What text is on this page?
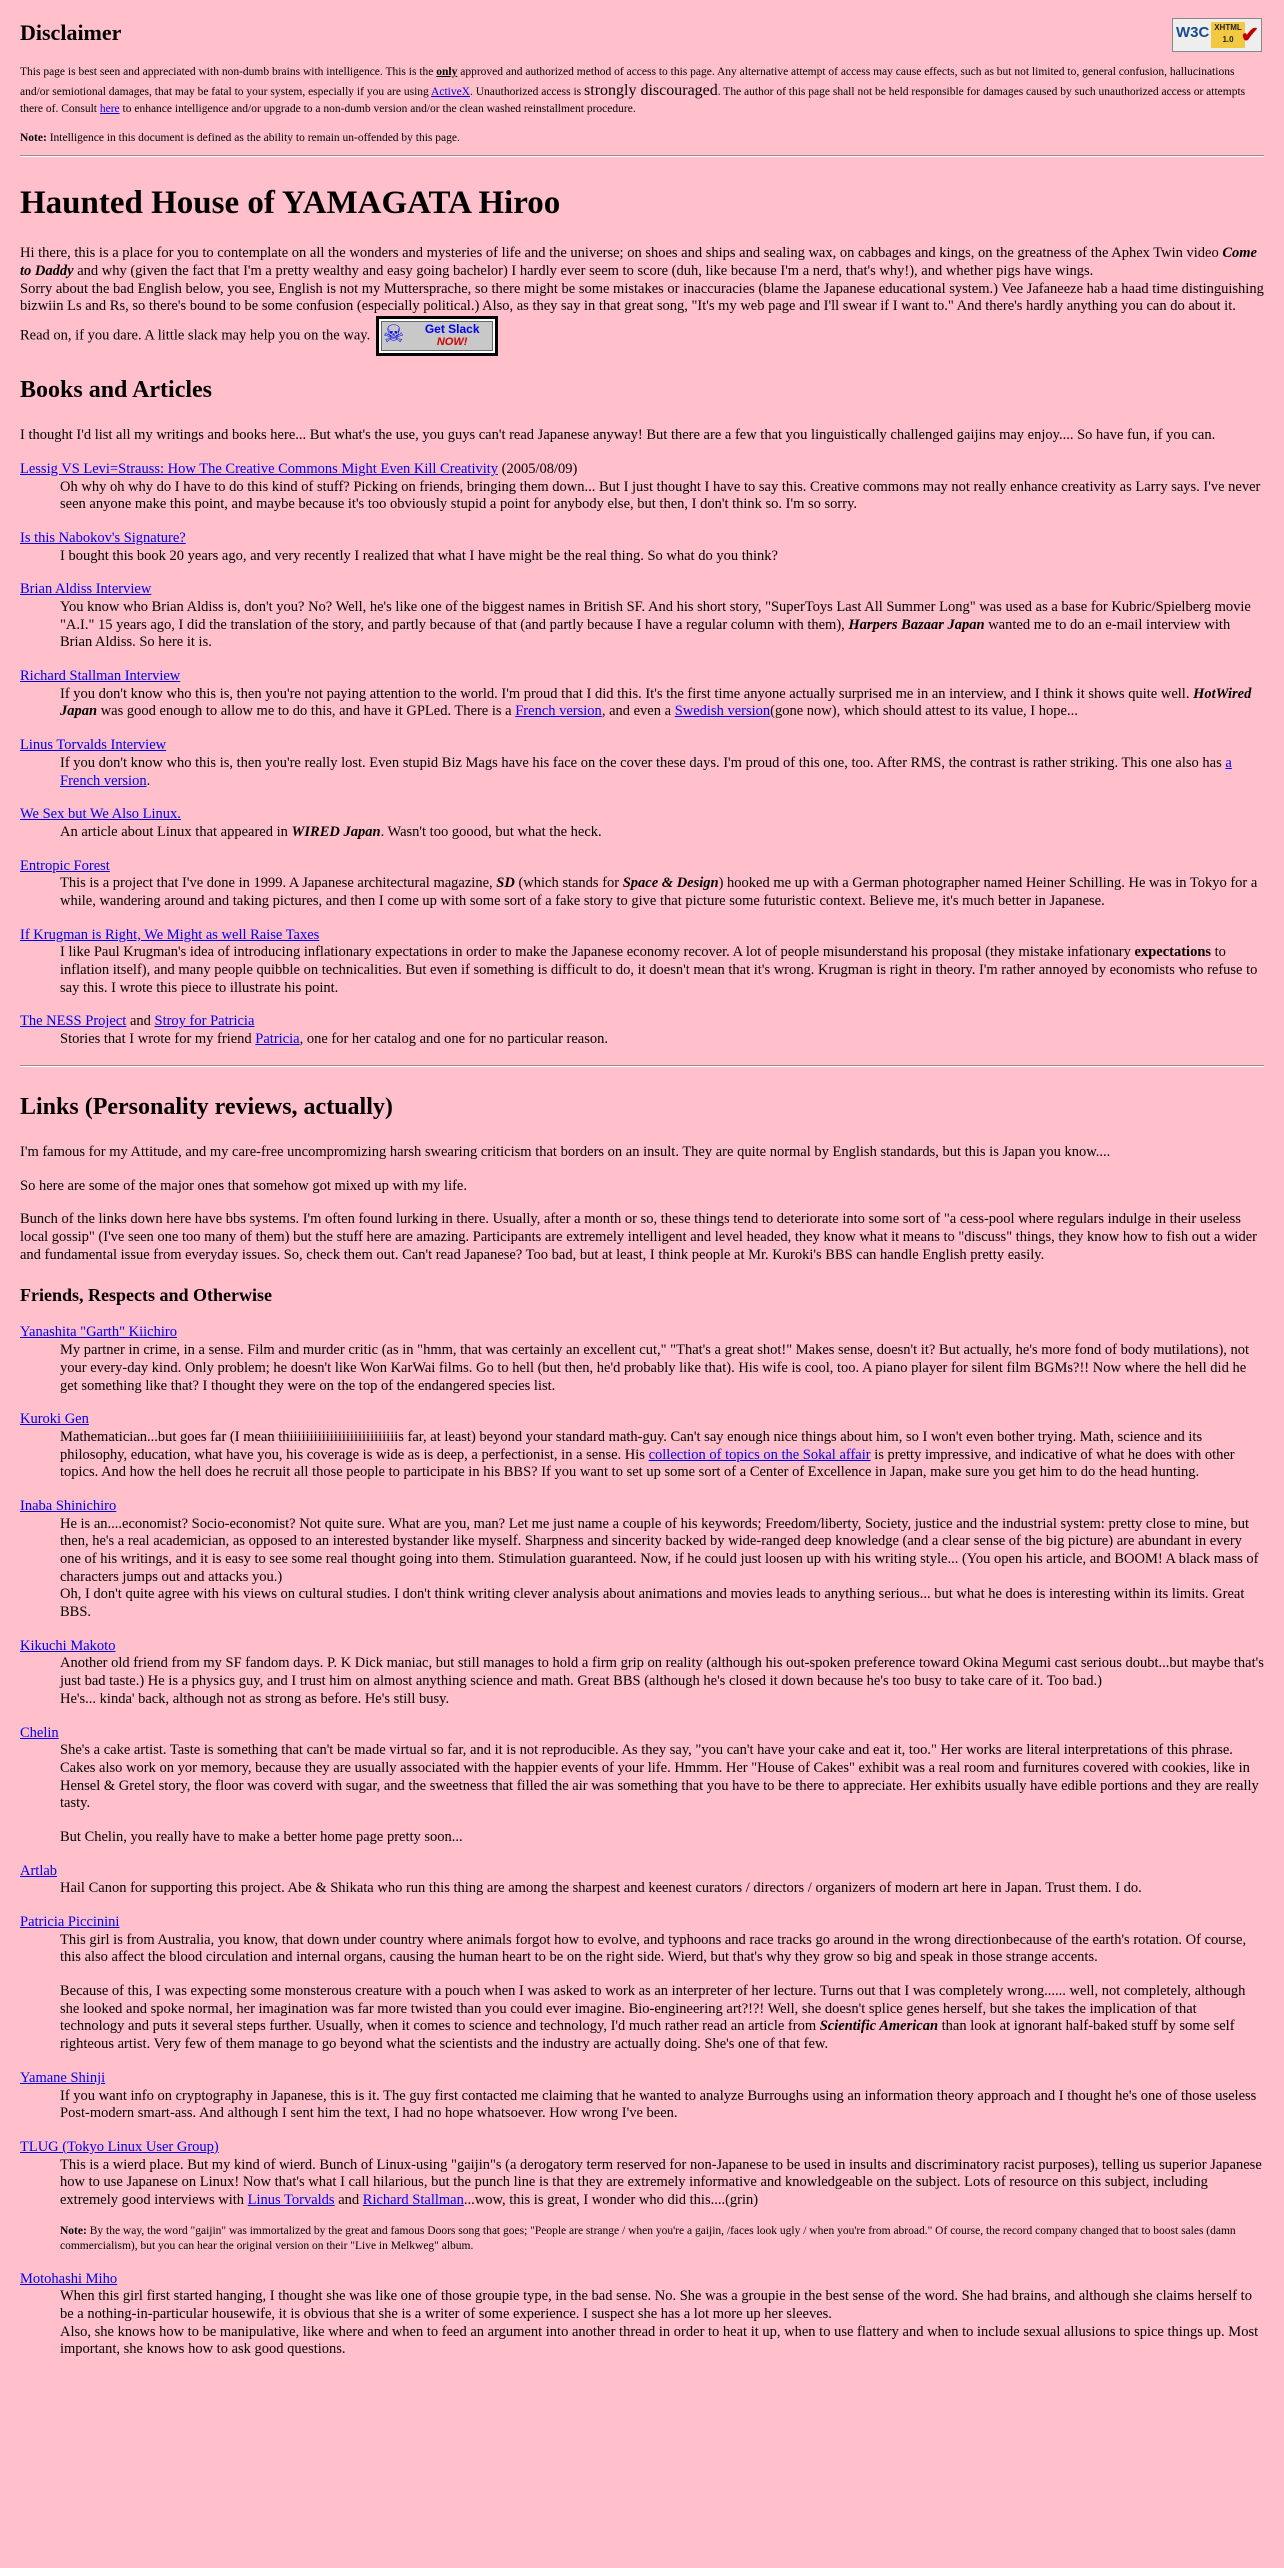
W3C XHTML 1.0 ✔
Disclaimer

This page is best seen and appreciated with non-dumb brains with intelligence. This is the only approved and authorized method of access to this page. Any alternative attempt of access may cause effects, such as but not limited to, general confusion, hallucinations and/or semiotional damages, that may be fatal to your system, especially if you are using ActiveX. Unauthorized access is strongly discouraged. The author of this page shall not be held responsible for damages caused by such unauthorized access or attempts there of. Consult here to enhance intelligence and/or upgrade to a non-dumb version and/or the clean washed reinstallment procedure.

Note: Intelligence in this document is defined as the ability to remain un-offended by this page.

Haunted House of YAMAGATA Hiroo
Hi there, this is a place for you to contemplate on all the wonders and mysteries of life and the universe; on shoes and ships and sealing wax, on cabbages and kings, on the greatness of the Aphex Twin video Come to Daddy and why (given the fact that I'm a pretty wealthy and easy going bachelor) I hardly ever seem to score (duh, like because I'm a nerd, that's why!), and whether pigs have wings.
Sorry about the bad English below, you see, English is not my Muttersprache, so there might be some mistakes or inaccuracies (blame the Japanese educational system.) Vee Jafaneeze hab a haad time distinguishing bizwiin Ls and Rs, so there's bound to be some confusion (especially political.) Also, as they say in that great song, "It's my web page and I'll swear if I want to." And there's hardly anything you can do about it. Read on, if you dare. A little slack may help you on the way. ☠ Get Slack
NOW!
Books and Articles

I thought I'd list all my writings and books here... But what's the use, you guys can't read Japanese anyway! But there are a few that you linguistically challenged gaijins may enjoy.... So have fun, if you can.

Lessig VS Levi=Strauss: How The Creative Commons Might Even Kill Creativity (2005/08/09)
Oh why oh why do I have to do this kind of stuff? Picking on friends, bringing them down... But I just thought I have to say this. Creative commons may not really enhance creativity as Larry says. I've never seen anyone make this point, and maybe because it's too obviously stupid a point for anybody else, but then, I don't think so. I'm so sorry.
Is this Nabokov's Signature?
I bought this book 20 years ago, and very recently I realized that what I have might be the real thing. So what do you think?
Brian Aldiss Interview
You know who Brian Aldiss is, don't you? No? Well, he's like one of the biggest names in British SF. And his short story, "SuperToys Last All Summer Long" was used as a base for Kubric/Spielberg movie "A.I." 15 years ago, I did the translation of the story, and partly because of that (and partly because I have a regular column with them), Harpers Bazaar Japan wanted me to do an e-mail interview with Brian Aldiss. So here it is.
Richard Stallman Interview
If you don't know who this is, then you're not paying attention to the world. I'm proud that I did this. It's the first time anyone actually surprised me in an interview, and I think it shows quite well. HotWired Japan was good enough to allow me to do this, and have it GPLed. There is a French version, and even a Swedish version(gone now), which should attest to its value, I hope...
Linus Torvalds Interview
If you don't know who this is, then you're really lost. Even stupid Biz Mags have his face on the cover these days. I'm proud of this one, too. After RMS, the contrast is rather striking. This one also has a French version.
We Sex but We Also Linux.
An article about Linux that appeared in WIRED Japan. Wasn't too goood, but what the heck.
Entropic Forest
This is a project that I've done in 1999. A Japanese architectural magazine, SD (which stands for Space & Design) hooked me up with a German photographer named Heiner Schilling. He was in Tokyo for a while, wandering around and taking pictures, and then I come up with some sort of a fake story to give that picture some futuristic context. Believe me, it's much better in Japanese.
If Krugman is Right, We Might as well Raise Taxes
I like Paul Krugman's idea of introducing inflationary expectations in order to make the Japanese economy recover. A lot of people misunderstand his proposal (they mistake infationary expectations to inflation itself), and many people quibble on technicalities. But even if something is difficult to do, it doesn't mean that it's wrong. Krugman is right in theory. I'm rather annoyed by economists who refuse to say this. I wrote this piece to illustrate his point.
The NESS Project and Stroy for Patricia
Stories that I wrote for my friend Patricia, one for her catalog and one for no particular reason.
Links (Personality reviews, actually)

I'm famous for my Attitude, and my care-free uncompromizing harsh swearing criticism that borders on an insult. They are quite normal by English standards, but this is Japan you know....

So here are some of the major ones that somehow got mixed up with my life.

Bunch of the links down here have bbs systems. I'm often found lurking in there. Usually, after a month or so, these things tend to deteriorate into some sort of "a cess-pool where regulars indulge in their useless local gossip" (I've seen one too many of them) but the stuff here are amazing. Participants are extremely intelligent and level headed, they know what it means to "discuss" things, they know how to fish out a wider and fundamental issue from everyday issues. So, check them out. Can't read Japanese? Too bad, but at least, I think people at Mr. Kuroki's BBS can handle English pretty easily.

Friends, Respects and Otherwise
Yanashita "Garth" Kiichiro
My partner in crime, in a sense. Film and murder critic (as in "hmm, that was certainly an excellent cut," "That's a great shot!" Makes sense, doesn't it? But actually, he's more fond of body mutilations), not your every-day kind. Only problem; he doesn't like Won KarWai films. Go to hell (but then, he'd probably like that). His wife is cool, too. A piano player for silent film BGMs?!! Now where the hell did he get something like that? I thought they were on the top of the endangered species list.
Kuroki Gen
Mathematician...but goes far (I mean thiiiiiiiiiiiiiiiiiiiiiiiiiiis far, at least) beyond your standard math-guy. Can't say enough nice things about him, so I won't even bother trying. Math, science and its philosophy, education, what have you, his coverage is wide as is deep, a perfectionist, in a sense. His collection of topics on the Sokal affair is pretty impressive, and indicative of what he does with other topics. And how the hell does he recruit all those people to participate in his BBS? If you want to set up some sort of a Center of Excellence in Japan, make sure you get him to do the head hunting.
Inaba Shinichiro
He is an....economist? Socio-economist? Not quite sure. What are you, man? Let me just name a couple of his keywords; Freedom/liberty, Society, justice and the industrial system: pretty close to mine, but then, he's a real academician, as opposed to an interested bystander like myself. Sharpness and sincerity backed by wide-ranged deep knowledge (and a clear sense of the big picture) are abundant in every one of his writings, and it is easy to see some real thought going into them. Stimulation guaranteed. Now, if he could just loosen up with his writing style... (You open his article, and BOOM! A black mass of characters jumps out and attacks you.)
Oh, I don't quite agree with his views on cultural studies. I don't think writing clever analysis about animations and movies leads to anything serious... but what he does is interesting within its limits. Great BBS.
Kikuchi Makoto
Another old friend from my SF fandom days. P. K Dick maniac, but still manages to hold a firm grip on reality (although his out-spoken preference toward Okina Megumi cast serious doubt...but maybe that's just bad taste.) He is a physics guy, and I trust him on almost anything science and math. Great BBS (although he's closed it down because he's too busy to take care of it. Too bad.)
He's... kinda' back, although not as strong as before. He's still busy.
Chelin
She's a cake artist. Taste is something that can't be made virtual so far, and it is not reproducible. As they say, "you can't have your cake and eat it, too." Her works are literal interpretations of this phrase. Cakes also work on yor memory, because they are usually associated with the happier events of your life. Hmmm. Her "House of Cakes" exhibit was a real room and furnitures covered with cookies, like in Hensel & Gretel story, the floor was coverd with sugar, and the sweetness that filled the air was something that you have to be there to appreciate. Her exhibits usually have edible portions and they are really tasty.
But Chelin, you really have to make a better home page pretty soon...
Artlab
Hail Canon for supporting this project. Abe & Shikata who run this thing are among the sharpest and keenest curators / directors / organizers of modern art here in Japan. Trust them. I do.
Patricia Piccinini
This girl is from Australia, you know, that down under country where animals forgot how to evolve, and typhoons and race tracks go around in the wrong directionbecause of the earth's rotation. Of course, this also affect the blood circulation and internal organs, causing the human heart to be on the right side. Wierd, but that's why they grow so big and speak in those strange accents.
Because of this, I was expecting some monsterous creature with a pouch when I was asked to work as an interpreter of her lecture. Turns out that I was completely wrong...... well, not completely, although she looked and spoke normal, her imagination was far more twisted than you could ever imagine. Bio-engineering art?!?! Well, she doesn't splice genes herself, but she takes the implication of that technology and puts it several steps further. Usually, when it comes to science and technology, I'd much rather read an article from Scientific American than look at ignorant half-baked stuff by some self righteous artist. Very few of them manage to go beyond what the scientists and the industry are actually doing. She's one of that few.
Yamane Shinji
If you want info on cryptography in Japanese, this is it. The guy first contacted me claiming that he wanted to analyze Burroughs using an information theory approach and I thought he's one of those useless Post-modern smart-ass. And although I sent him the text, I had no hope whatsoever. How wrong I've been.
TLUG (Tokyo Linux User Group)
This is a wierd place. But my kind of wierd. Bunch of Linux-using "gaijin"s (a derogatory term reserved for non-Japanese to be used in insults and discriminatory racist purposes), telling us superior Japanese how to use Japanese on Linux! Now that's what I call hilarious, but the punch line is that they are extremely informative and knowledgeable on the subject. Lots of resource on this subject, including extremely good interviews with Linus Torvalds and Richard Stallman...wow, this is great, I wonder who did this....(grin)
Note: By the way, the word "gaijin" was immortalized by the great and famous Doors song that goes; "People are strange / when you're a gaijin, /faces look ugly / when you're from abroad." Of course, the record company changed that to boost sales (damn commercialism), but you can hear the original version on their "Live in Melkweg" album.
Motohashi Miho
When this girl first started hanging, I thought she was like one of those groupie type, in the bad sense. No. She was a groupie in the best sense of the word. She had brains, and although she claims herself to be a nothing-in-particular housewife, it is obvious that she is a writer of some experience. I suspect she has a lot more up her sleeves.
Also, she knows how to be manipulative, like where and when to feed an argument into another thread in order to heat it up, when to use flattery and when to include sexual allusions to spice things up. Most important, she knows how to ask good questions.
